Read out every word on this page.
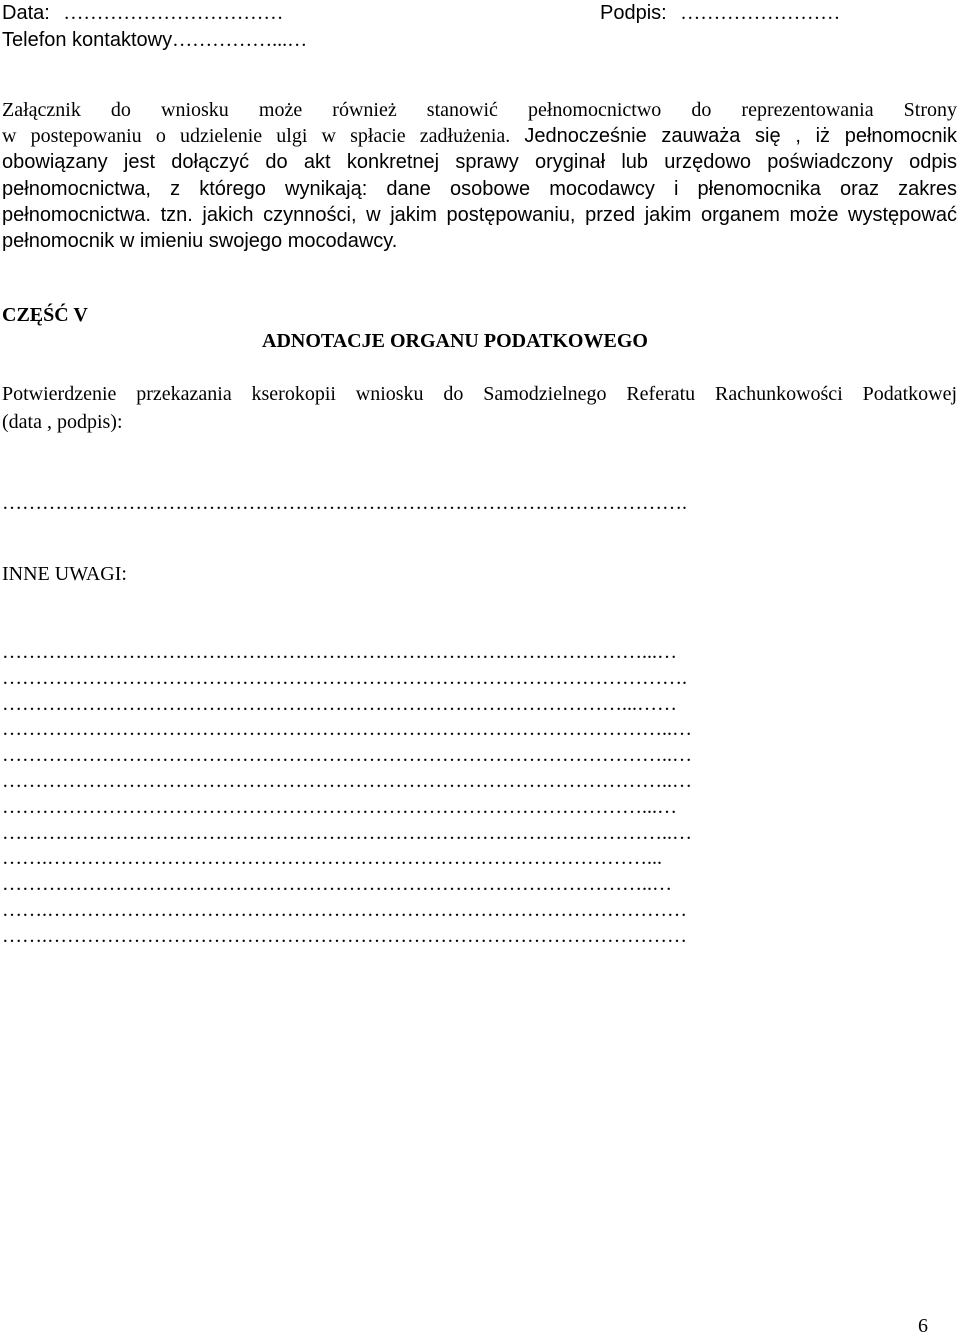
Data: ……………………………	Podpis: ……………………
Telefon kontaktowy……………...…
Załącznik do wniosku może również stanowić pełnomocnictwo do reprezentowania Strony
w postepowaniu o udzielenie ulgi w spłacie zadłużenia. Jednocześnie zauważa się , iż pełnomocnik
obowiązany jest dołączyć do akt konkretnej sprawy oryginał lub urzędowo poświadczony odpis
pełnomocnictwa, z którego wynikają: dane osobowe mocodawcy i płenomocnika oraz zakres
pełnomocnictwa. tzn. jakich czynności, w jakim postępowaniu, przed jakim organem może występować
pełnomocnik w imieniu swojego mocodawcy.
CZĘŚĆ V
ADNOTACJE ORGANU PODATKOWEGO
Potwierdzenie przekazania kserokopii wniosku do Samodzielnego Referatu Rachunkowości Podatkowej
(data , podpis):
………………………………………………………………………………………….
INNE UWAGI:
……………………………………………………………………………………...…
………………………………………………………………………………………….
…………………………………………………………………………………...……
………………………………………………………………………………………..…
………………………………………………………………………………………..…
………………………………………………………………………………………..…
……………………………………………………………………………………...…
………………………………………………………………………………………..…
…….………………………………………………………………………………...
……………………………………………………………………………………..…
…….……………………………………………………………………………………
…….……………………………………………………………………………………
6
